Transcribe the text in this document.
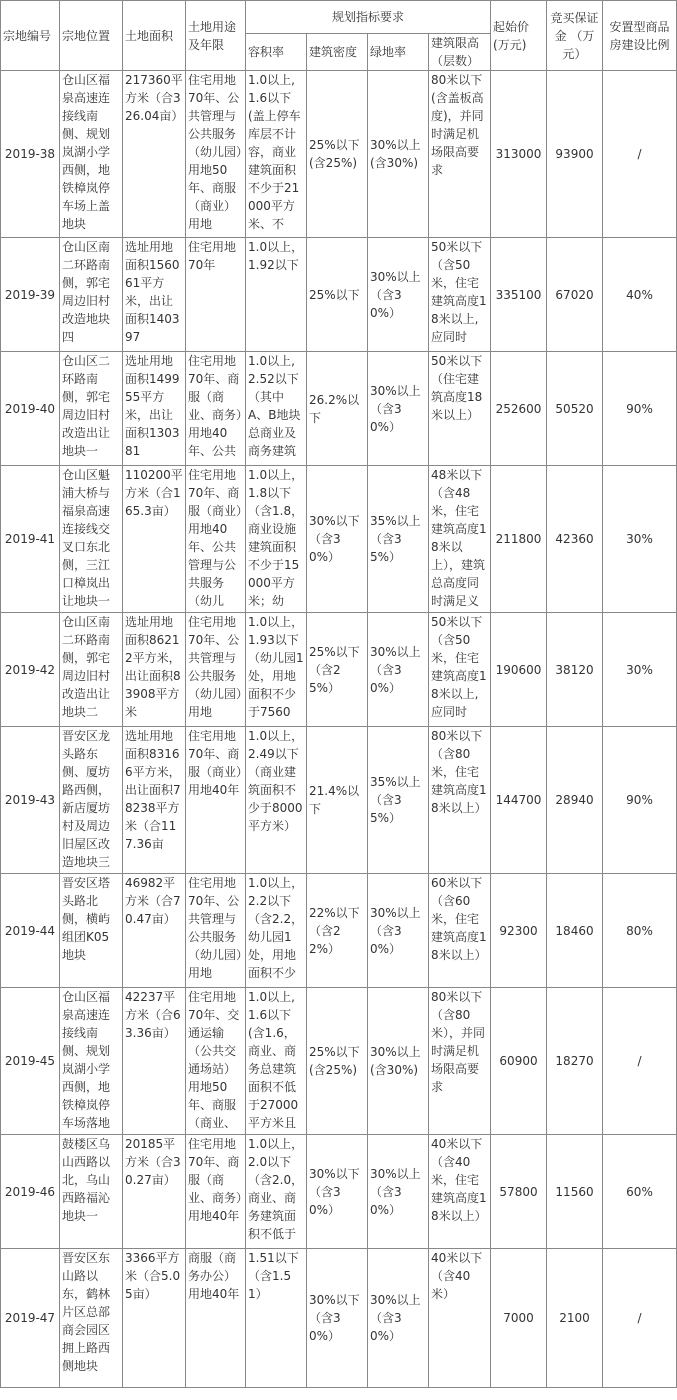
宗地编号	宗地位置	土地面积	土地用途及年限	规划指标要求				起始价(万元)	竞买保证金 （万元）	安置型商品房建设比例
				容积率	建筑密度	绿地率	建筑限高（层数）			

2019-38	仓山区福泉高速连接线南侧、规划岚湖小学西侧，地铁樟岚停车场上盖地块	217360平方米（合326.04亩）	住宅用地70年、公共管理与公共服务（幼儿园）用地50年、商服（商业）用地	1.0以上,1.6以下(盖上停车库层不计容，商业建筑面积不少于21000平方米、不	25%以下(含25%)	30%以上(含30%)	80米以下(含盖板高度)，并同时满足机场限高要求	313000	93900	/

2019-39	仓山区南二环路南侧，郭宅周边旧村改造地块四	选址用地面积156061平方米，出让面积140397	住宅用地70年	1.0以上，1.92以下	25%以下	30%以上（含30%）	50米以下（含50米，住宅建筑高度18米以上,应同时	335100	67020	40%

2019-40	仓山区二环路南侧，郭宅周边旧村改造出让地块一	选址用地面积149955平方米，出让面积130381	住宅用地70年、商服（商业、商务）用地40年、公共	1.0以上,2.52以下（其中A、B地块总商业及商务建筑	26.2%以下	30%以上（含30%）	50米以下（住宅建筑高度18米以上）	252600	50520	90%

2019-41	仓山区魁浦大桥与福泉高速连接线交叉口东北侧，三江口樟岚出让地块一	110200平方米（合165.3亩）	住宅用地70年、商服（商业）用地40年、公共管理与公共服务（幼儿	1.0以上，1.8以下（含1.8，商业设施建筑面积不少于15000平方米；幼	30%以下（含30%）	35%以上（含35%）	48米以下（含48米，住宅建筑高度18米以上），建筑总高度同时满足义	211800	42360	30%

2019-42	仓山区南二环路南侧，郭宅周边旧村改造出让地块二	选址用地面积86212平方米，出让面积83908平方米	住宅用地70年、公共管理与公共服务（幼儿园）用地	1.0以上，1.93以下（幼儿园1处，用地面积不少于7560	25%以下（含25%）	30%以上（含30%）	50米以下（含50米，住宅建筑高度18米以上,应同时	190600	38120	30%

2019-43	晋安区龙头路东侧、厦坊路西侧，新店厦坊村及周边旧屋区改造地块三	选址用地面积83166平方米，出让面积78238平方米（合117.36亩	住宅用地70年、商服（商业）用地40年	1.0以上，2.49以下（商业建筑面积不少于8000平方米）	21.4%以下	35%以上（含35%）	80米以下（含80米，住宅建筑高度18米以上）	144700	28940	90%

2019-44	晋安区塔头路北侧，横屿组团K05地块	46982平方米（合70.47亩）	住宅用地70年、公共管理与公共服务（幼儿园）用地	1.0以上，2.2以下（含2.2，幼儿园1处，用地面积不少	22%以下（含22%）	30%以上（含30%）	60米以下（含60米，住宅建筑高度18米以上）	92300	18460	80%

2019-45	仓山区福泉高速连接线南侧、规划岚湖小学西侧，地铁樟岚停车场落地	42237平方米（合63.36亩）	住宅用地70年、交通运输（公共交通场站）用地50年、商服（商业、	1.0以上,1.6以下(含1.6，商业、商务总建筑面积不低于27000平方米且	25%以下(含25%)	30%以上(含30%)	80米以下（含80米），并同时满足机场限高要求	60900	18270	/

2019-46	鼓楼区乌山西路以北，乌山西路福沁地块一	20185平方米（合30.27亩）	住宅用地70年、商服（商业、商务）用地40年	1.0以上，2.0以下（含2.0，商业、商务建筑面积不低于	30%以下（含30%）	30%以上（含30%）	40米以下（含40米，住宅建筑高度18米以上）	57800	11560	60%

2019-47	晋安区东山路以东，鹤林片区总部商会园区拥上路西侧地块	3366平方米（合5.05亩）	商服（商务办公）用地40年	1.51以下（含1.51）	30%以下（含30%）	30%以上（含30%）	40米以下（含40米）	7000	2100	/
